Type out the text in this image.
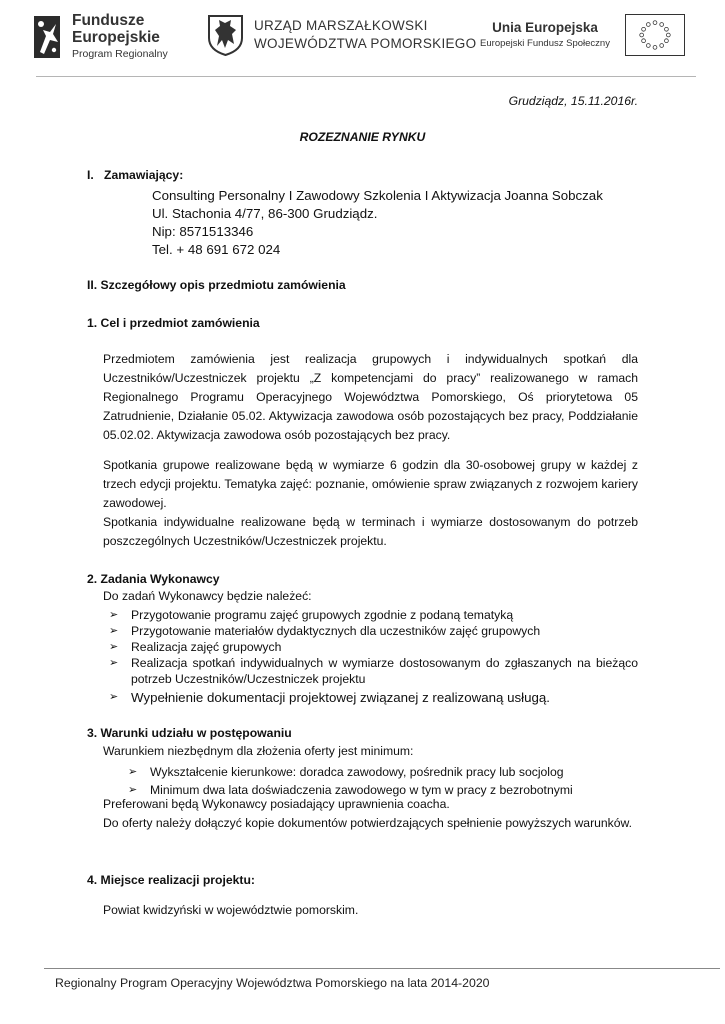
Fundusze
Europejskie
Program Regionalny
URZĄD MARSZAŁKOWSKI
WOJEWÓDZTWA POMORSKIEGO
Unia Europejska
Europejski Fundusz Społeczny
Grudziądz, 15.11.2016r.
ROZEZNANIE RYNKU
I. Zamawiający:
Consulting Personalny I Zawodowy Szkolenia I Aktywizacja Joanna Sobczak
Ul. Stachonia 4/77, 86-300 Grudziądz.
Nip: 8571513346
Tel. + 48 691 672 024
II. Szczegółowy opis przedmiotu zamówienia
1. Cel i przedmiot zamówienia
Przedmiotem zamówienia jest realizacja grupowych i indywidualnych spotkań dla Uczestników/Uczestniczek projektu „Z kompetencjami do pracy” realizowanego w ramach Regionalnego Programu Operacyjnego Województwa Pomorskiego, Oś priorytetowa 05 Zatrudnienie, Działanie 05.02. Aktywizacja zawodowa osób pozostających bez pracy, Poddziałanie 05.02.02. Aktywizacja zawodowa osób pozostających bez pracy.
Spotkania grupowe realizowane będą w wymiarze 6 godzin dla 30-osobowej grupy w każdej z trzech edycji projektu. Tematyka zajęć: poznanie, omówienie spraw związanych z rozwojem kariery zawodowej.
Spotkania indywidualne realizowane będą w terminach i wymiarze dostosowanym do potrzeb poszczególnych Uczestników/Uczestniczek projektu.
2. Zadania Wykonawcy
Do zadań Wykonawcy będzie należeć:
➢ Przygotowanie programu zajęć grupowych zgodnie z podaną tematyką
➢ Przygotowanie materiałów dydaktycznych dla uczestników zajęć grupowych
➢ Realizacja zajęć grupowych
➢ Realizacja spotkań indywidualnych w wymiarze dostosowanym do zgłaszanych na bieżąco potrzeb Uczestników/Uczestniczek projektu
➢ Wypełnienie dokumentacji projektowej związanej z realizowaną usługą.
3. Warunki udziału w postępowaniu
Warunkiem niezbędnym dla złożenia oferty jest minimum:
➢ Wykształcenie kierunkowe: doradca zawodowy, pośrednik pracy lub socjolog
➢ Minimum dwa lata doświadczenia zawodowego w tym w pracy z bezrobotnymi
Preferowani będą Wykonawcy posiadający uprawnienia coacha.
Do oferty należy dołączyć kopie dokumentów potwierdzających spełnienie powyższych warunków.
4. Miejsce realizacji projektu:
Powiat kwidzyński w województwie pomorskim.
Regionalny Program Operacyjny Województwa Pomorskiego na lata 2014-2020
